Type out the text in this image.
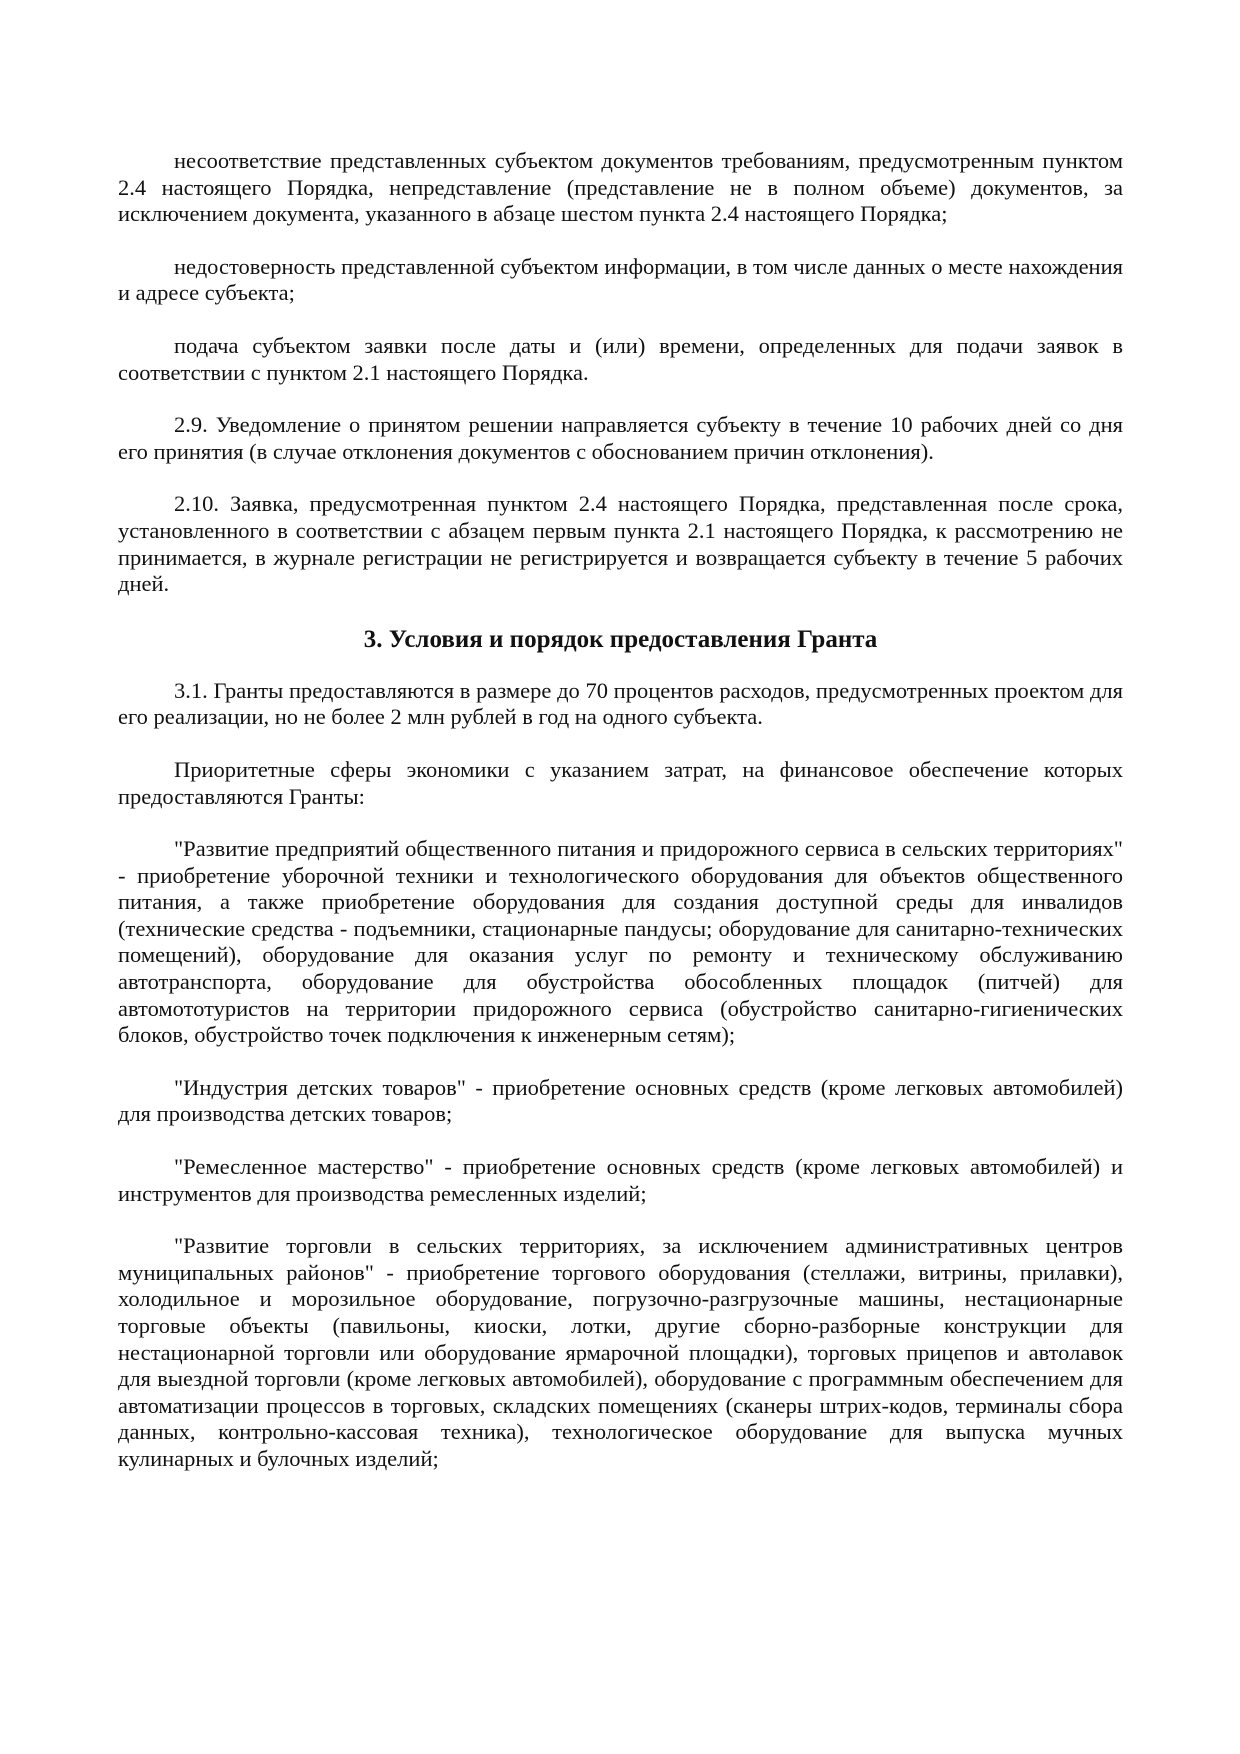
несоответствие представленных субъектом документов требованиям, предусмотренным пунктом 2.4 настоящего Порядка, непредставление (представление не в полном объеме) документов, за исключением документа, указанного в абзаце шестом пункта 2.4 настоящего Порядка;

недостоверность представленной субъектом информации, в том числе данных о месте нахождения и адресе субъекта;

подача субъектом заявки после даты и (или) времени, определенных для подачи заявок в соответствии с пунктом 2.1 настоящего Порядка.

2.9. Уведомление о принятом решении направляется субъекту в течение 10 рабочих дней со дня его принятия (в случае отклонения документов с обоснованием причин отклонения).

2.10. Заявка, предусмотренная пунктом 2.4 настоящего Порядка, представленная после срока, установленного в соответствии с абзацем первым пункта 2.1 настоящего Порядка, к рассмотрению не принимается, в журнале регистрации не регистрируется и возвращается субъекту в течение 5 рабочих дней.

3. Условия и порядок предоставления Гранта

3.1. Гранты предоставляются в размере до 70 процентов расходов, предусмотренных проектом для его реализации, но не более 2 млн рублей в год на одного субъекта.

Приоритетные сферы экономики с указанием затрат, на финансовое обеспечение которых предоставляются Гранты:

"Развитие предприятий общественного питания и придорожного сервиса в сельских территориях" - приобретение уборочной техники и технологического оборудования для объектов общественного питания, а также приобретение оборудования для создания доступной среды для инвалидов (технические средства - подъемники, стационарные пандусы; оборудование для санитарно-технических помещений), оборудование для оказания услуг по ремонту и техническому обслуживанию автотранспорта, оборудование для обустройства обособленных площадок (питчей) для автомототуристов на территории придорожного сервиса (обустройство санитарно-гигиенических блоков, обустройство точек подключения к инженерным сетям);

"Индустрия детских товаров" - приобретение основных средств (кроме легковых автомобилей) для производства детских товаров;

"Ремесленное мастерство" - приобретение основных средств (кроме легковых автомобилей) и инструментов для производства ремесленных изделий;

"Развитие торговли в сельских территориях, за исключением административных центров муниципальных районов" - приобретение торгового оборудования (стеллажи, витрины, прилавки), холодильное и морозильное оборудование, погрузочно-разгрузочные машины, нестационарные торговые объекты (павильоны, киоски, лотки, другие сборно-разборные конструкции для нестационарной торговли или оборудование ярмарочной площадки), торговых прицепов и автолавок для выездной торговли (кроме легковых автомобилей), оборудование с программным обеспечением для автоматизации процессов в торговых, складских помещениях (сканеры штрих-кодов, терминалы сбора данных, контрольно-кассовая техника), технологическое оборудование для выпуска мучных кулинарных и булочных изделий;
